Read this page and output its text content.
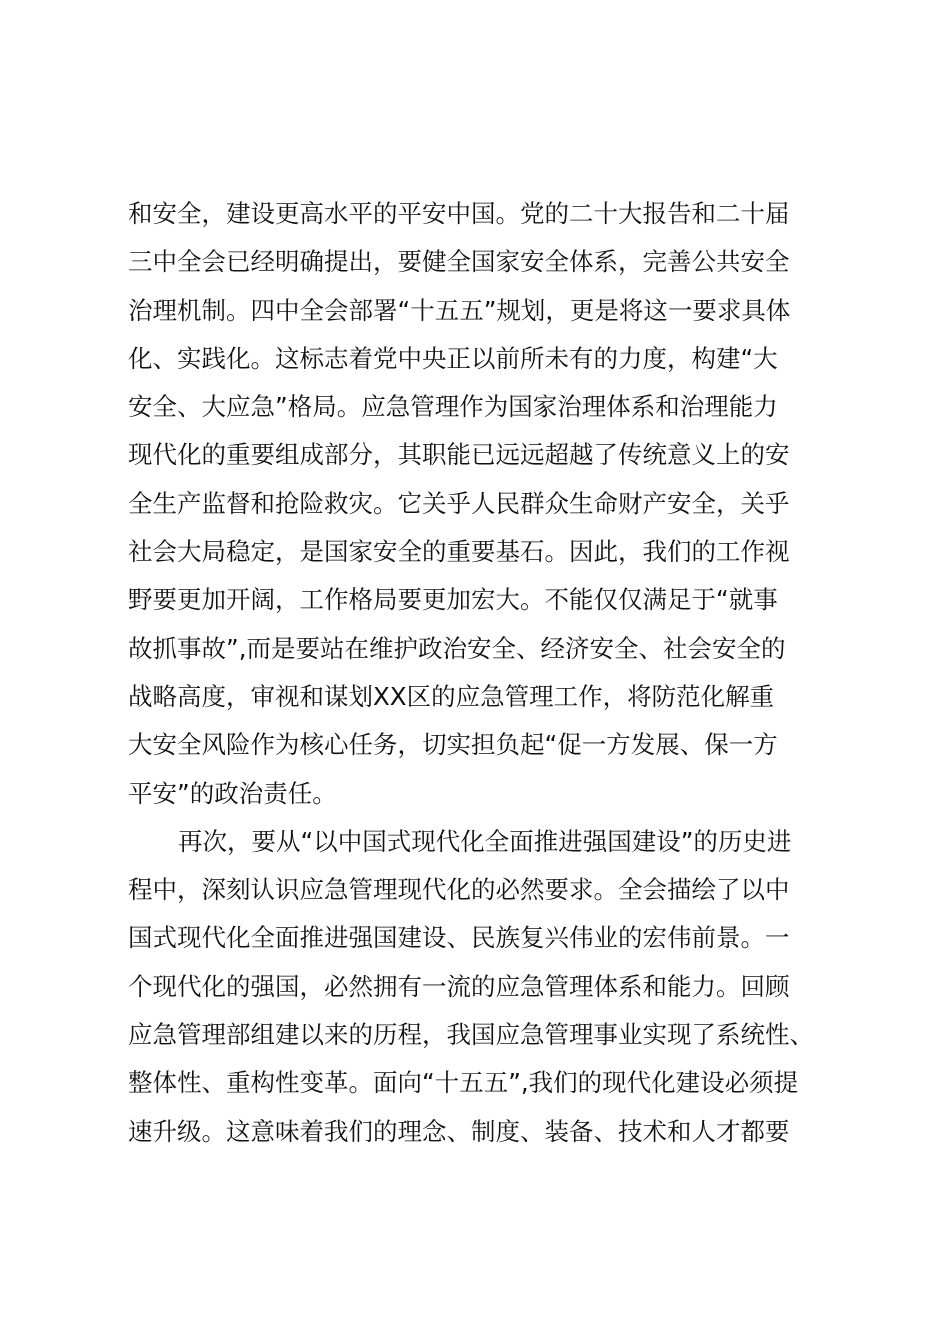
和安全，建设更高水平的平安中国。党的二十大报告和二十届
三中全会已经明确提出，要健全国家安全体系，完善公共安全
治理机制。四中全会部署“十五五”规划，更是将这一要求具体
化、实践化。这标志着党中央正以前所未有的力度，构建“大
安全、大应急”格局。应急管理作为国家治理体系和治理能力
现代化的重要组成部分，其职能已远远超越了传统意义上的安
全生产监督和抢险救灾。它关乎人民群众生命财产安全，关乎
社会大局稳定，是国家安全的重要基石。因此，我们的工作视
野要更加开阔，工作格局要更加宏大。不能仅仅满足于“就事
故抓事故”,而是要站在维护政治安全、经济安全、社会安全的
战略高度，审视和谋划XX区的应急管理工作，将防范化解重
大安全风险作为核心任务，切实担负起“促一方发展、保一方
平安”的政治责任。
再次，要从“以中国式现代化全面推进强国建设”的历史进
程中，深刻认识应急管理现代化的必然要求。全会描绘了以中
国式现代化全面推进强国建设、民族复兴伟业的宏伟前景。一
个现代化的强国，必然拥有一流的应急管理体系和能力。回顾
应急管理部组建以来的历程，我国应急管理事业实现了系统性、
整体性、重构性变革。面向“十五五”,我们的现代化建设必须提
速升级。这意味着我们的理念、制度、装备、技术和人才都要
